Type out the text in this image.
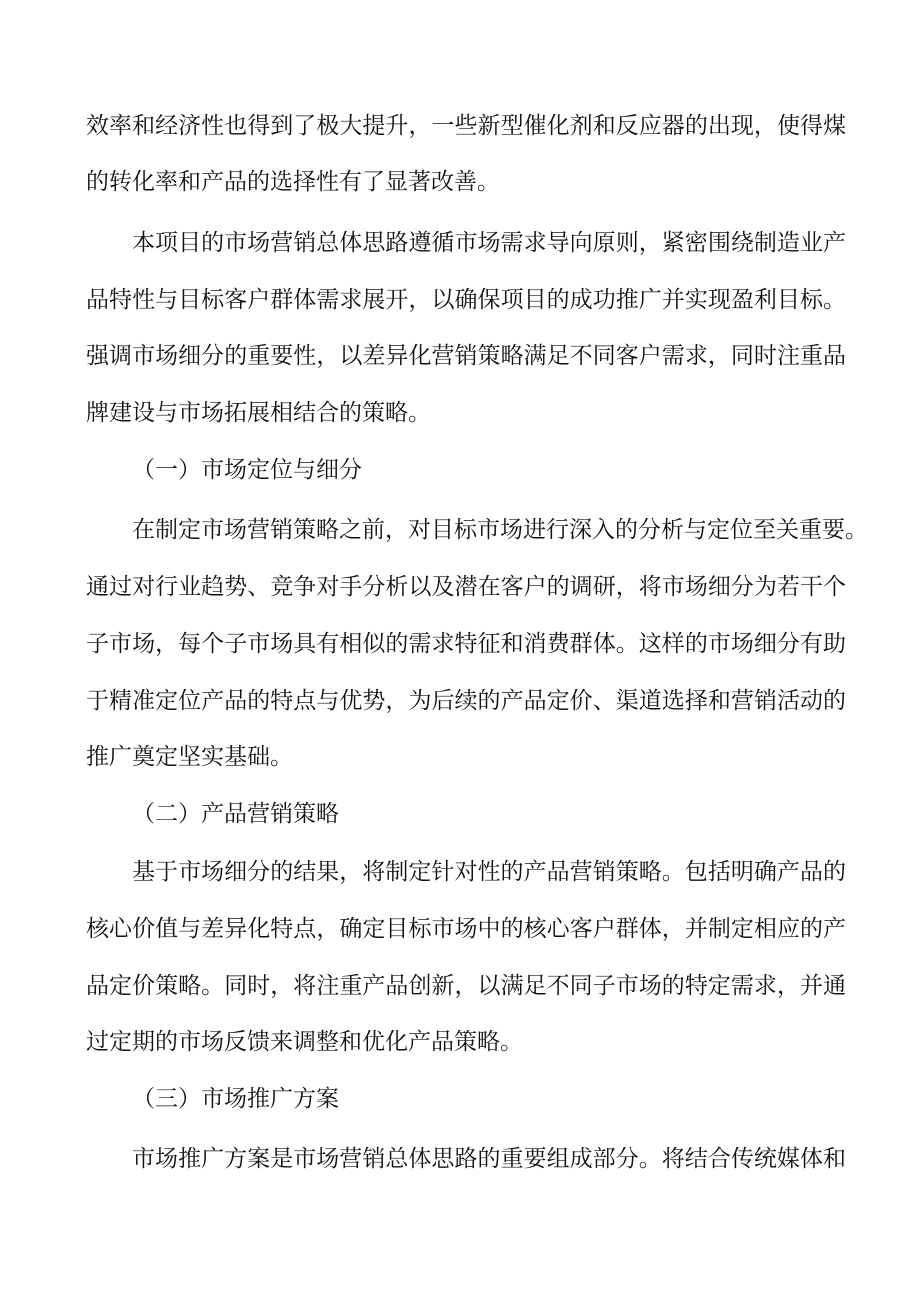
效率和经济性也得到了极大提升，一些新型催化剂和反应器的出现，使得煤
的转化率和产品的选择性有了显著改善。
本项目的市场营销总体思路遵循市场需求导向原则，紧密围绕制造业产
品特性与目标客户群体需求展开，以确保项目的成功推广并实现盈利目标。
强调市场细分的重要性，以差异化营销策略满足不同客户需求，同时注重品
牌建设与市场拓展相结合的策略。
（一）市场定位与细分
在制定市场营销策略之前，对目标市场进行深入的分析与定位至关重要。
通过对行业趋势、竞争对手分析以及潜在客户的调研，将市场细分为若干个
子市场，每个子市场具有相似的需求特征和消费群体。这样的市场细分有助
于精准定位产品的特点与优势，为后续的产品定价、渠道选择和营销活动的
推广奠定坚实基础。
（二）产品营销策略
基于市场细分的结果，将制定针对性的产品营销策略。包括明确产品的
核心价值与差异化特点，确定目标市场中的核心客户群体，并制定相应的产
品定价策略。同时，将注重产品创新，以满足不同子市场的特定需求，并通
过定期的市场反馈来调整和优化产品策略。
（三）市场推广方案
市场推广方案是市场营销总体思路的重要组成部分。将结合传统媒体和
